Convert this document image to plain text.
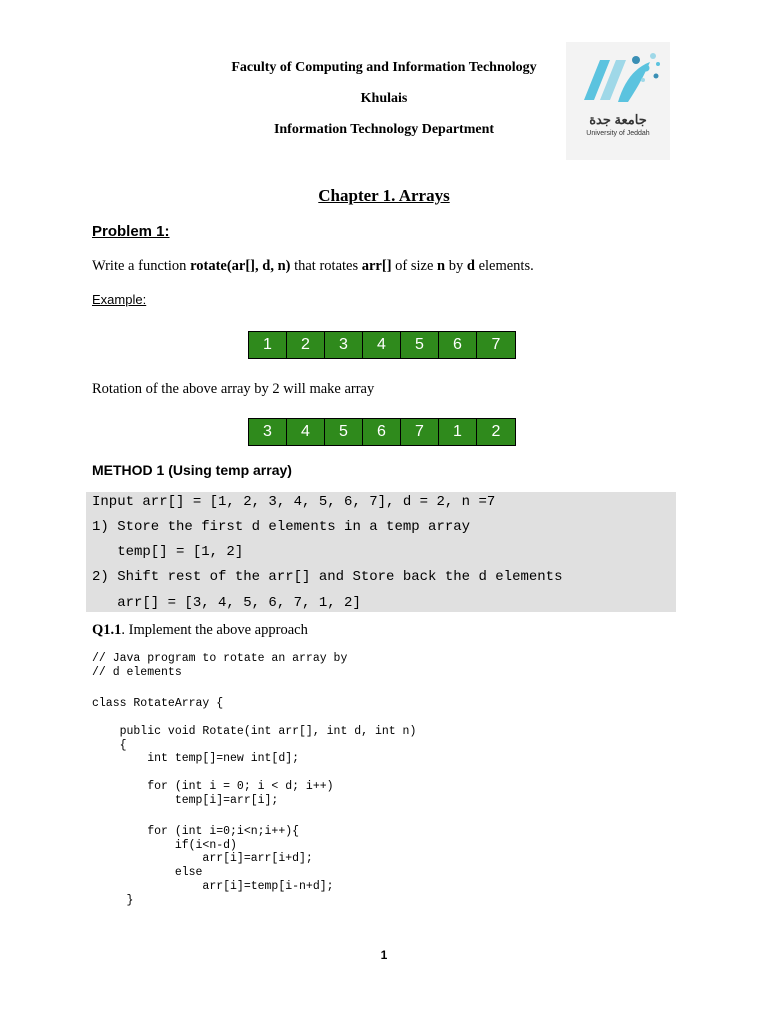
Faculty of Computing and Information Technology
Khulais
Information Technology Department
جامعة جدة
University of Jeddah
Chapter 1. Arrays
Problem 1:
Write a function rotate(ar[], d, n) that rotates arr[] of size n by d elements.
Example:
1	2	3	4	5	6	7
Rotation of the above array by 2 will make array
3	4	5	6	7	1	2
METHOD 1 (Using temp array)
Input arr[] = [1, 2, 3, 4, 5, 6, 7], d = 2, n =7
1) Store the first d elements in a temp array
temp[] = [1, 2]
2) Shift rest of the arr[] and Store back the d elements
arr[] = [3, 4, 5, 6, 7, 1, 2]
Q1.1. Implement the above approach
// Java program to rotate an array by
// d elements
class RotateArray {
public void Rotate(int arr[], int d, int n)
{
int temp[]=new int[d];
for (int i = 0; i < d; i++)
temp[i]=arr[i];
for (int i=0;i<n;i++){
if(i<n-d)
arr[i]=arr[i+d];
else
arr[i]=temp[i-n+d];
}
1
